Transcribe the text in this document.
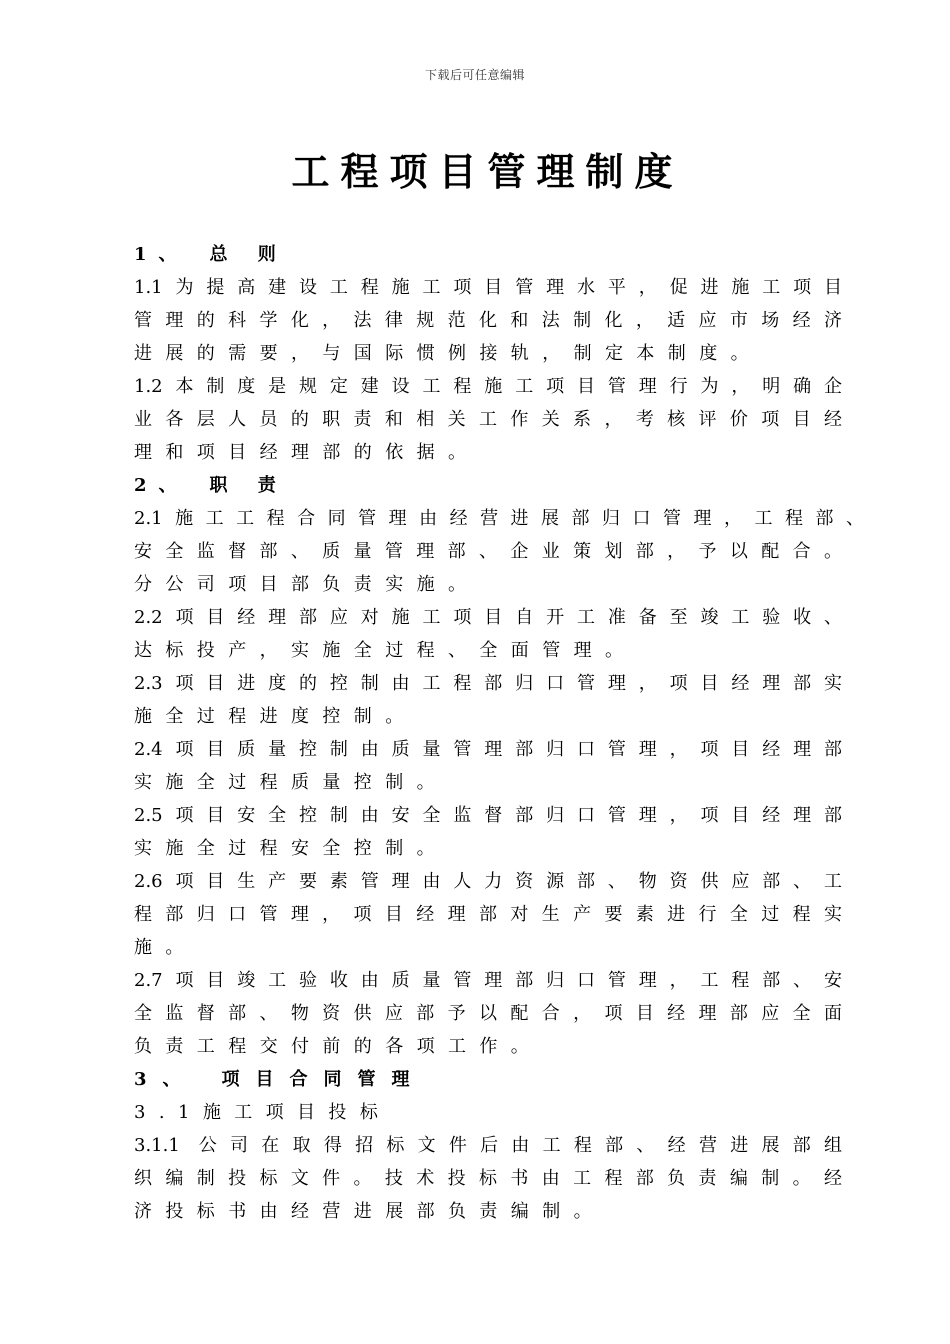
下载后可任意编辑
工程项目管理制度
1、　总 则
1.1为提高建设工程施工项目管理水平，促进施工项目
管理的科学化，法律规范化和法制化，适应市场经济
进展的需要，与国际惯例接轨，制定本制度。
1.2本制度是规定建设工程施工项目管理行为，明确企
业各层人员的职责和相关工作关系，考核评价项目经
理和项目经理部的依据。
2、　职 责
2.1施工工程合同管理由经营进展部归口管理，工程部、
安全监督部、质量管理部、企业策划部，予以配合。
分公司项目部负责实施。
2.2项目经理部应对施工项目自开工准备至竣工验收、
达标投产，实施全过程、全面管理。
2.3项目进度的控制由工程部归口管理，项目经理部实
施全过程进度控制。
2.4项目质量控制由质量管理部归口管理，项目经理部
实施全过程质量控制。
2.5项目安全控制由安全监督部归口管理，项目经理部
实施全过程安全控制。
2.6项目生产要素管理由人力资源部、物资供应部、工
程部归口管理，项目经理部对生产要素进行全过程实
施。
2.7项目竣工验收由质量管理部归口管理，工程部、安
全监督部、物资供应部予以配合，项目经理部应全面
负责工程交付前的各项工作。
3、　项目合同管理
3.1施工项目投标
3.1.1 公司在取得招标文件后由工程部、经营进展部组
织编制投标文件。技术投标书由工程部负责编制。经
济投标书由经营进展部负责编制。
